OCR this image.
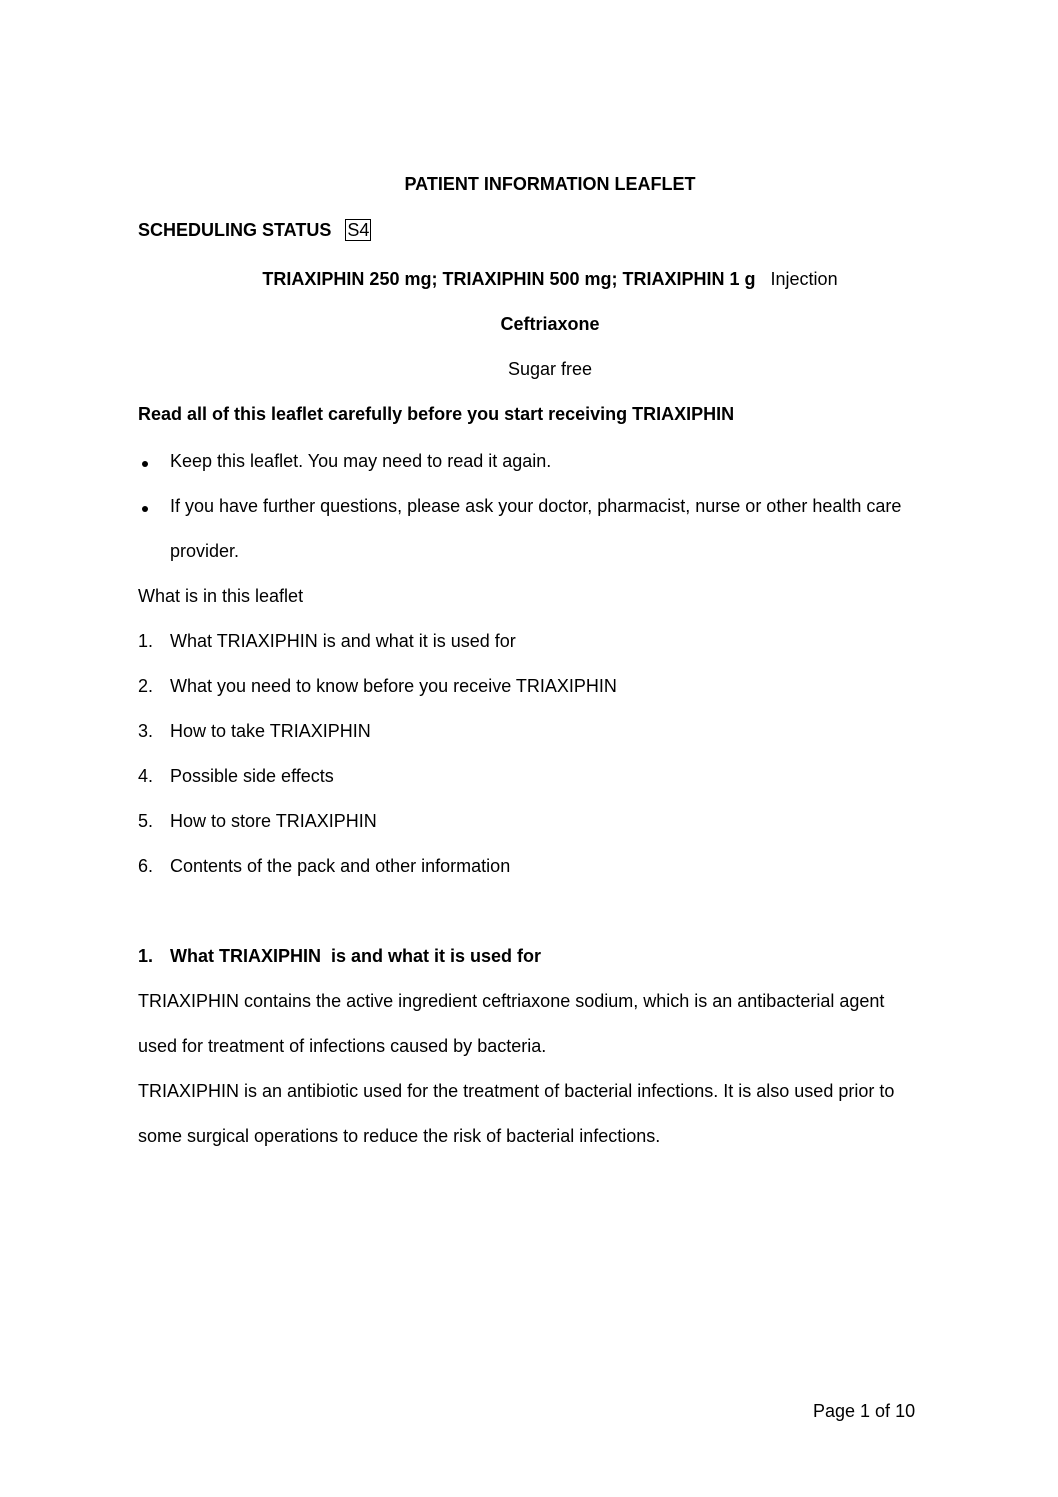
PATIENT INFORMATION LEAFLET
SCHEDULING STATUS S4
TRIAXIPHIN 250 mg; TRIAXIPHIN 500 mg; TRIAXIPHIN 1 g Injection
Ceftriaxone
Sugar free
Read all of this leaflet carefully before you start receiving TRIAXIPHIN
Keep this leaflet. You may need to read it again.
If you have further questions, please ask your doctor, pharmacist, nurse or other health care
provider.
What is in this leaflet
1. What TRIAXIPHIN is and what it is used for
2. What you need to know before you receive TRIAXIPHIN
3. How to take TRIAXIPHIN
4. Possible side effects
5. How to store TRIAXIPHIN
6. Contents of the pack and other information
1. What TRIAXIPHIN  is and what it is used for
TRIAXIPHIN contains the active ingredient ceftriaxone sodium, which is an antibacterial agent
used for treatment of infections caused by bacteria.
TRIAXIPHIN is an antibiotic used for the treatment of bacterial infections. It is also used prior to
some surgical operations to reduce the risk of bacterial infections.
Page 1 of 10
